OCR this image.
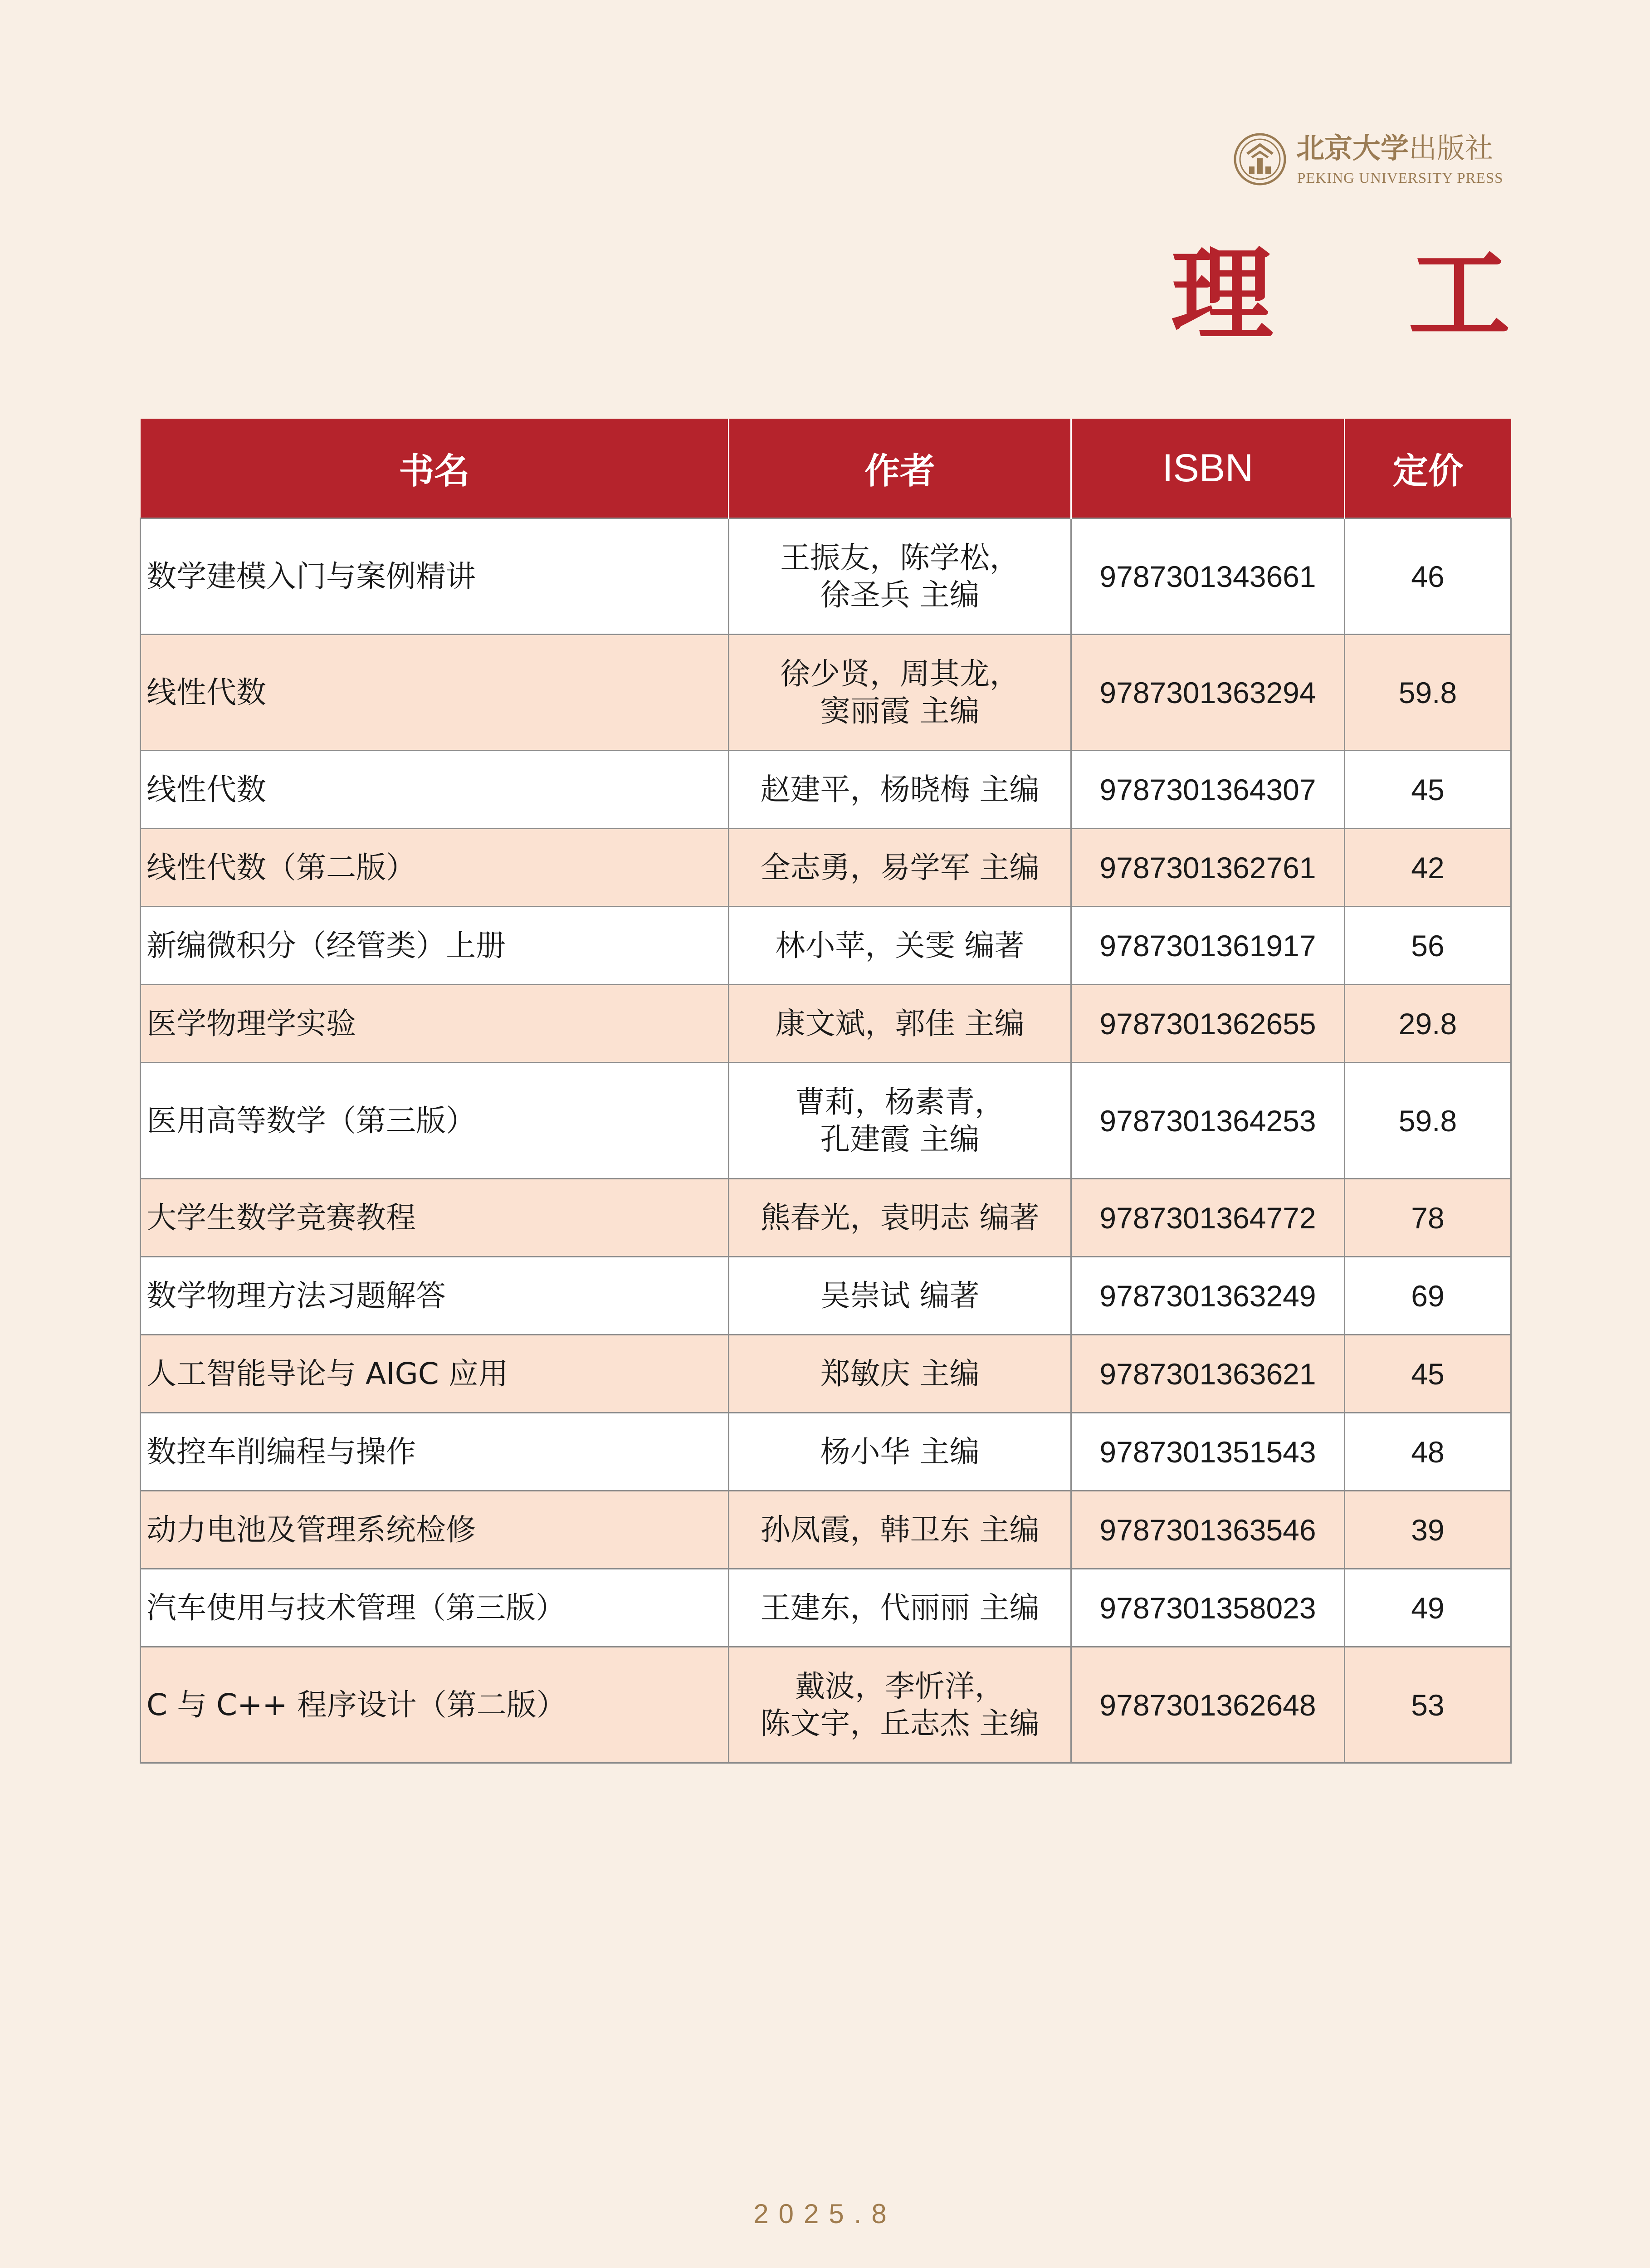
北京大学出版社
PEKING UNIVERSITY PRESS
理 工
书名	作者	ISBN	定价
数学建模入门与案例精讲	王振友，陈学松，
徐圣兵 主编	9787301343661	46
线性代数	徐少贤，周其龙，
窦丽霞 主编	9787301363294	59.8
线性代数	赵建平，杨晓梅 主编	9787301364307	45
线性代数（第二版）	全志勇，易学军 主编	9787301362761	42
新编微积分（经管类）上册	林小苹，关雯 编著	9787301361917	56
医学物理学实验	康文斌，郭佳 主编	9787301362655	29.8
医用高等数学（第三版）	曹莉，杨素青，
孔建霞 主编	9787301364253	59.8
大学生数学竞赛教程	熊春光，袁明志 编著	9787301364772	78
数学物理方法习题解答	吴崇试 编著	9787301363249	69
人工智能导论与 AIGC 应用	郑敏庆 主编	9787301363621	45
数控车削编程与操作	杨小华 主编	9787301351543	48
动力电池及管理系统检修	孙凤霞，韩卫东 主编	9787301363546	39
汽车使用与技术管理（第三版）	王建东，代丽丽 主编	9787301358023	49
C 与 C++ 程序设计（第二版）	戴波，李忻洋，
陈文宇，丘志杰 主编	9787301362648	53
2025.8
